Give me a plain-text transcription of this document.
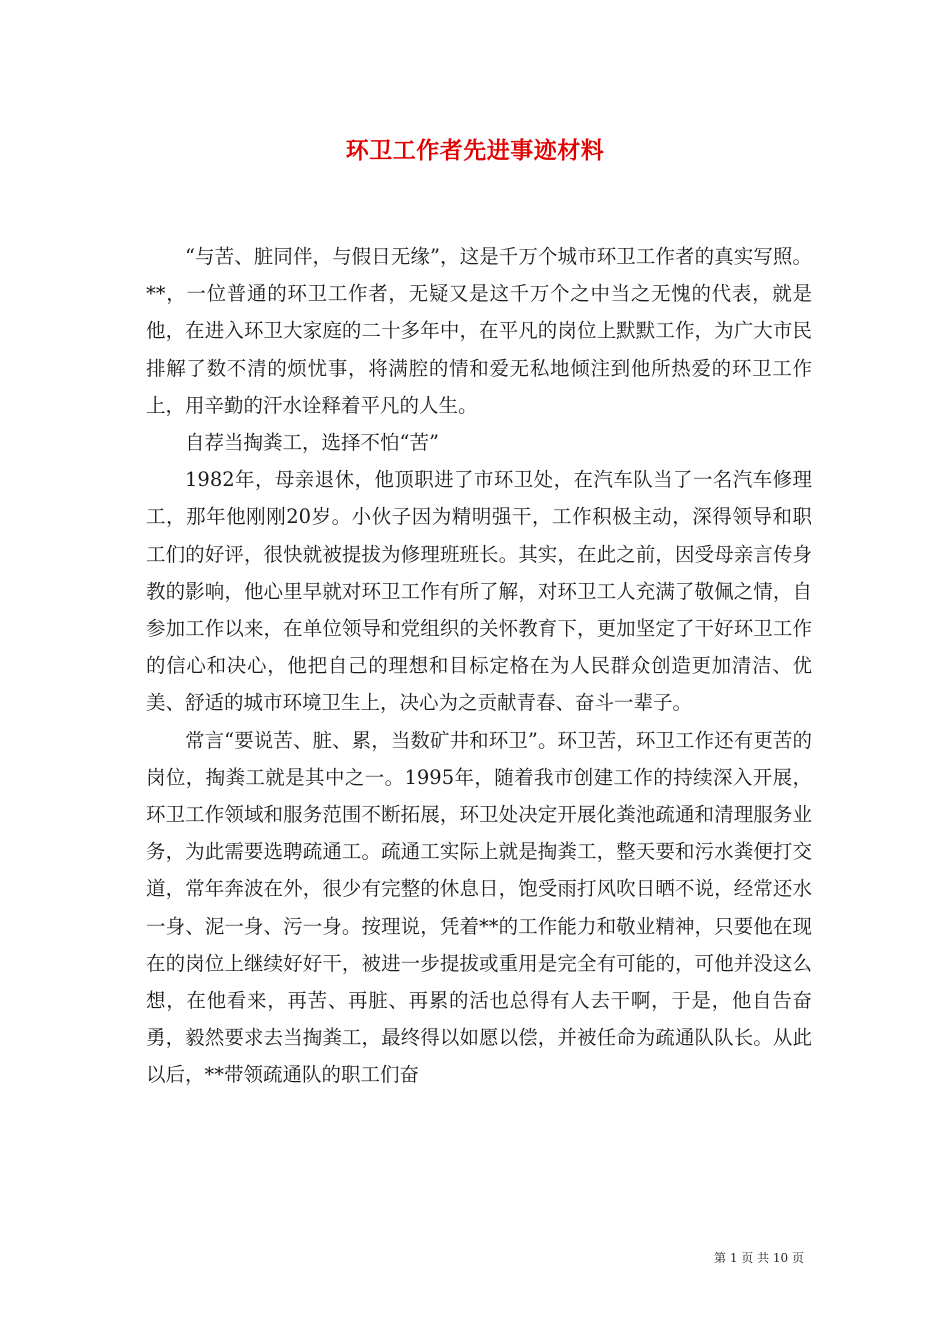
环卫工作者先进事迹材料

“与苦、脏同伴，与假日无缘”，这是千万个城市环卫工作者的真实写照。**，一位普通的环卫工作者，无疑又是这千万个之中当之无愧的代表，就是他，在进入环卫大家庭的二十多年中，在平凡的岗位上默默工作，为广大市民排解了数不清的烦忧事，将满腔的情和爱无私地倾注到他所热爱的环卫工作上，用辛勤的汗水诠释着平凡的人生。

自荐当掏粪工，选择不怕“苦”

1982年，母亲退休，他顶职进了市环卫处，在汽车队当了一名汽车修理工，那年他刚刚20岁。小伙子因为精明强干，工作积极主动，深得领导和职工们的好评，很快就被提拔为修理班班长。其实，在此之前，因受母亲言传身教的影响，他心里早就对环卫工作有所了解，对环卫工人充满了敬佩之情，自参加工作以来，在单位领导和党组织的关怀教育下，更加坚定了干好环卫工作的信心和决心，他把自己的理想和目标定格在为人民群众创造更加清洁、优美、舒适的城市环境卫生上，决心为之贡献青春、奋斗一辈子。

常言“要说苦、脏、累，当数矿井和环卫”。环卫苦，环卫工作还有更苦的岗位，掏粪工就是其中之一。1995年，随着我市创建工作的持续深入开展，环卫工作领域和服务范围不断拓展，环卫处决定开展化粪池疏通和清理服务业务，为此需要选聘疏通工。疏通工实际上就是掏粪工，整天要和污水粪便打交道，常年奔波在外，很少有完整的休息日，饱受雨打风吹日晒不说，经常还水一身、泥一身、污一身。按理说，凭着**的工作能力和敬业精神，只要他在现在的岗位上继续好好干，被进一步提拔或重用是完全有可能的，可他并没这么想，在他看来，再苦、再脏、再累的活也总得有人去干啊，于是，他自告奋勇，毅然要求去当掏粪工，最终得以如愿以偿，并被任命为疏通队队长。从此以后，**带领疏通队的职工们奋

第 1 页 共 10 页
